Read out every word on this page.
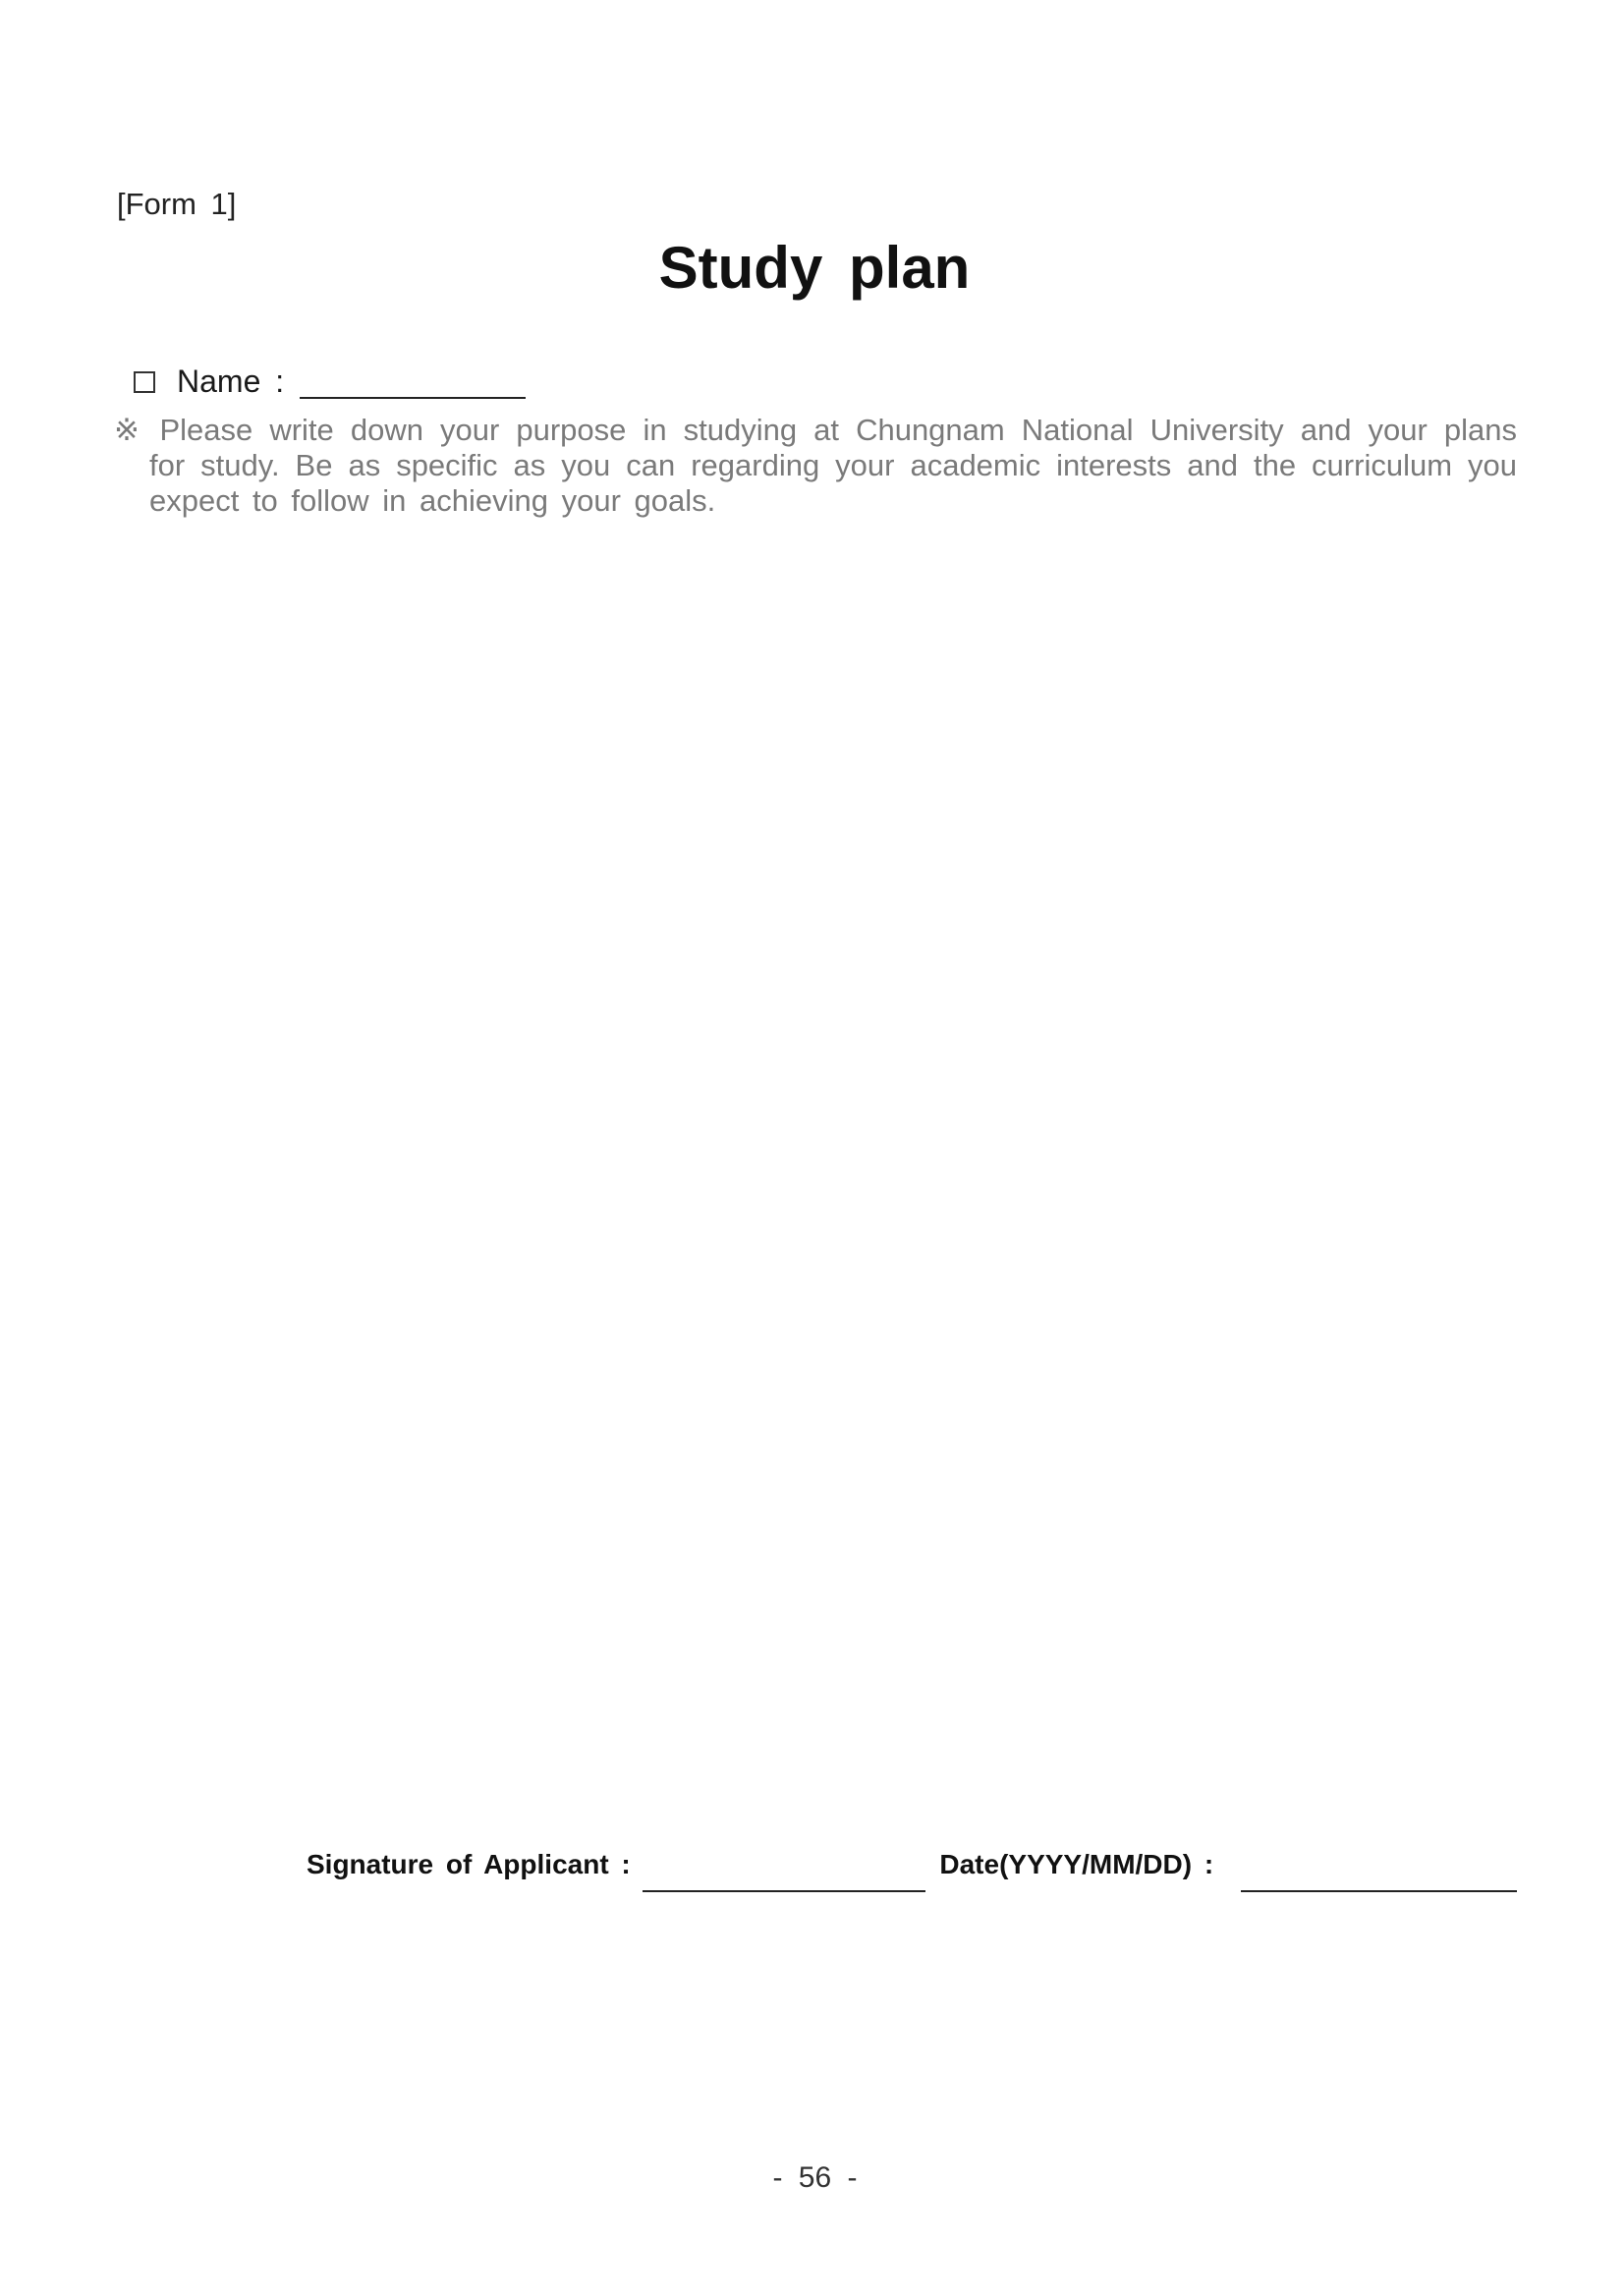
[Form 1]
Study plan
Name :
※ Please write down your purpose in studying at Chungnam National University and your plans
for study. Be as specific as you can regarding your academic interests and the curriculum you
expect to follow in achieving your goals.
Signature of Applicant :	Date(YYYY/MM/DD) :
- 56 -
